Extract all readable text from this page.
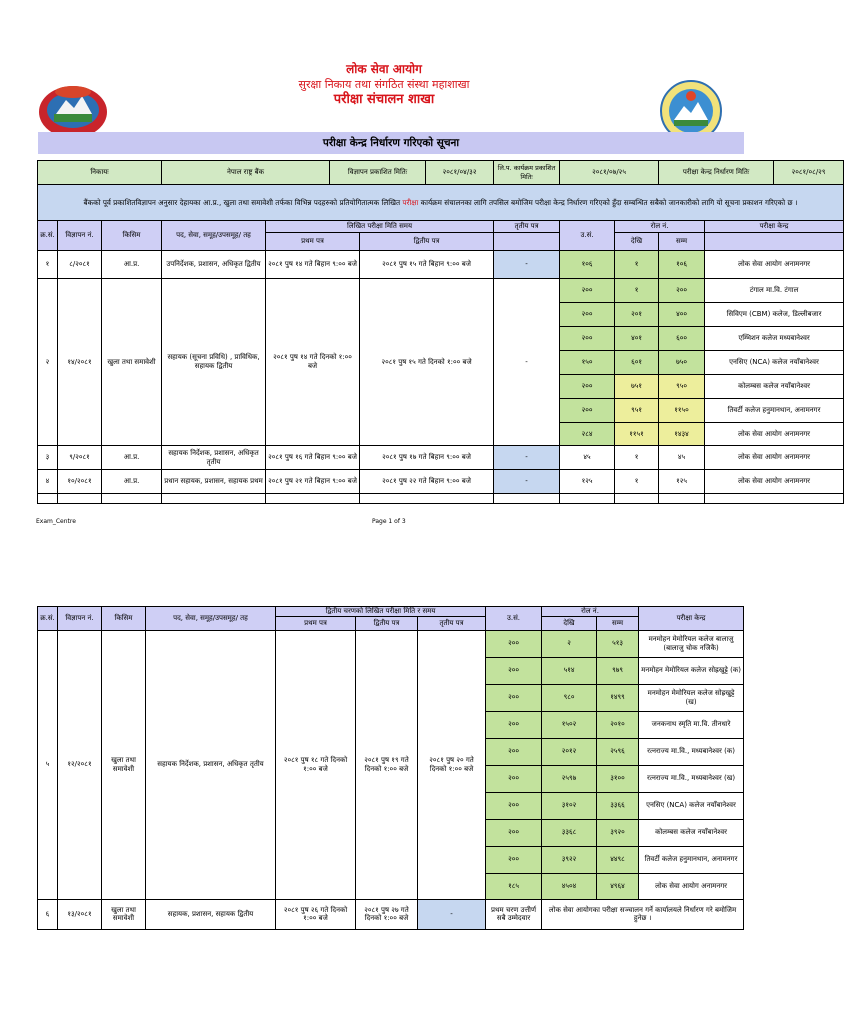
लोक सेवा आयोग
सुरक्षा निकाय तथा संगठित संस्था महाशाखा
परीक्षा संचालन शाखा
परीक्षा केन्द्र निर्धारण गरिएको सूचना
निकायः			नेपाल राष्ट्र बैंक		विज्ञापन प्रकाशित मितिः		२०८१/०४/३२	लि.प. कार्यक्रम प्रकाशित मितिः	२०८१/०७/२५		परीक्षा केन्द्र निर्धारण मितिः		२०८१/०८/२९
बैंकको पूर्व प्रकाशितविज्ञापन अनुसार देहायका आ.प्र., खुला तथा समावेशी तर्फका विभिन्न पदहरुको प्रतियोगितात्मक लिखित परीक्षा कार्यक्रम संचालनका लागि तपसिल बमोजिम परीक्षा केन्द्र निर्धारण गरिएको हुँदा सम्बन्धित सबैको जानकारीको लागि यो सूचना प्रकाशन गरिएको छ ।													
क्र.सं.	विज्ञापन नं.	किसिम	पद, सेवा, समूह/उपसमूह/ तह	लिखित परीक्षा मिति समय				तृतीय पत्र	उ.सं.	रोल नं.		परीक्षा केन्द्र	
				प्रथम पत्र		द्वितीय पत्र				देखि	सम्म		
१	८/२०८१	आ.प्र.	उपनिर्देशक, प्रशासन, अधिकृत द्वितीय	२०८१ पुष १४ गते बिहान ९:०० बजे		२०८१ पुष १५ गते बिहान ९:०० बजे		-	१०६	१	१०६	लोक सेवा आयोग अनामनगर	
२	१४/२०८१	खुला तथा समावेशी	सहायक (सूचना प्रविधि) , प्राविधिक, सहायक द्वितीय	२०८१ पुष १४ गते दिनको १:०० बजे		२०८१ पुष १५ गते दिनको १:०० बजे		-	२००	१	२००	टंगाल मा.वि. टंगाल	
									२००	२०१	४००	सिविएम (CBM) कलेज, डिल्लीबजार	
									२००	४०१	६००	एम्भिशन कलेज मध्यबानेश्वर	
									१५०	६०१	७५०	एनसिए (NCA) कलेज नयाँबानेश्वर	
									२००	७५१	९५०	कोलम्बस कलेज नयाँबानेश्वर	
									२००	९५१	११५०	तिवर्टी कलेज हनुमानथान, अनामनगर	
									२८४	११५१	१४३४	लोक सेवा आयोग अनामनगर	
३	९/२०८१	आ.प्र.	सहायक निर्देशक, प्रशासन, अधिकृत तृतीय	२०८१ पुष १६ गते बिहान ९:०० बजे		२०८१ पुष १७ गते बिहान ९:०० बजे		-	४५	१	४५	लोक सेवा आयोग अनामनगर	
४	१०/२०८१	आ.प्र.	प्रधान सहायक, प्रशासन, सहायक प्रथम	२०८१ पुष २१ गते बिहान ९:०० बजे		२०८१ पुष २२ गते बिहान ९:०० बजे		-	१२५	१	१२५	लोक सेवा आयोग अनामनगर	

Exam_Centre	Page 1 of 3
क्र.सं.	विज्ञापन नं.	किसिम	पद, सेवा, समूह/उपसमूह/ तह	द्वितीय चरणको लिखित परीक्षा मिति र समय			उ.सं.	रोल नं.		परीक्षा केन्द्र
				प्रथम पत्र	द्वितीय पत्र	तृतीय पत्र		देखि	सम्म	
५	१२/२०८१	खुला तथा समावेशी	सहायक निर्देशक, प्रशासन, अधिकृत तृतीय	२०८१ पुष १८ गते दिनको १:०० बजे	२०८१ पुष १९ गते दिनको १:०० बजे	२०८१ पुष २० गते दिनको १:०० बजे	२००	२	५१३	मनमोहन मेमोरियल कलेज बालाजु (बालाजु चोक नजिकै)
							२००	५१४	९७९	मनमोहन मेमोरियल कलेज सोह्रखुट्टे (क)
							२००	९८०	१४९९	मनमोहन मेमोरियल कलेज सोह्रखुट्टे (ख)
							२००	१५०२	२०१०	जनकनाथ स्मृति मा.वि. तीनधारे
							२००	२०१२	२५९६	रत्नराज्य मा.वि., मध्यबानेश्वर (क)
							२००	२५९७	३१००	रत्नराज्य मा.वि., मध्यबानेश्वर (ख)
							२००	३१०२	३३६६	एनसिए (NCA) कलेज नयाँबानेश्वर
							२००	३३६८	३९२०	कोलम्बस कलेज नयाँबानेश्वर
							२००	३९२२	४४९८	तिवर्टी कलेज हनुमानथान, अनामनगर
							१८५	४५०४	४९६४	लोक सेवा आयोग अनामनगर
६	१३/२०८१	खुला तथा समावेशी	सहायक, प्रशासन, सहायक द्वितीय	२०८१ पुष २६ गते दिनको १:०० बजे	२०८१ पुष २७ गते दिनको १:०० बजे	-	प्रथम चरण उत्तीर्ण सबै उम्मेदवार	लोक सेवा आयोगका परीक्षा सञ्चालन गर्ने कार्यालयले निर्धारण गरे बमोजिम हुनेछ ।		
